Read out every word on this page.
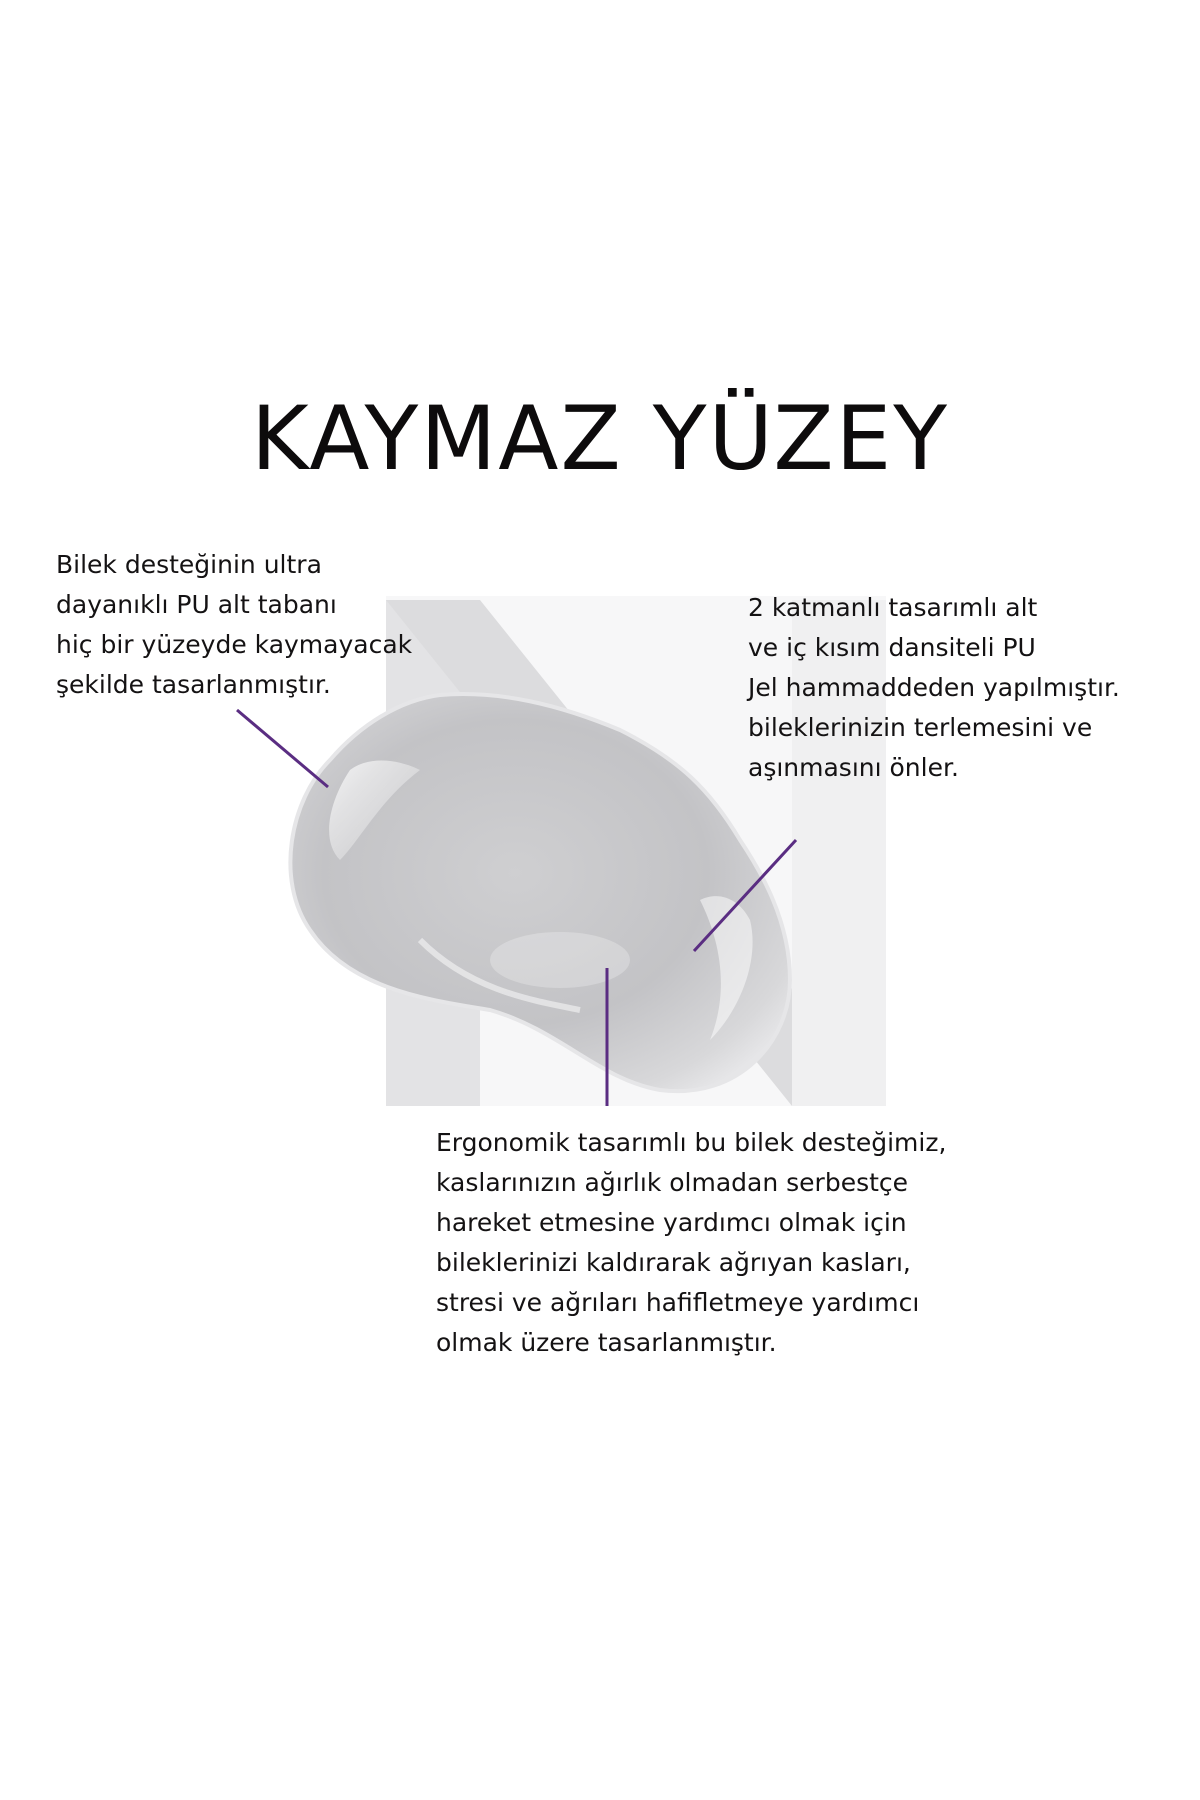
KAYMAZ YÜZEY

Bilek desteğinin ultra
dayanıklı PU alt tabanı
hiç bir yüzeyde kaymayacak
şekilde tasarlanmıştır.

2 katmanlı tasarımlı alt
ve iç kısım dansiteli PU
Jel hammaddeden yapılmıştır.
bileklerinizin terlemesini ve
aşınmasını önler.

Ergonomik tasarımlı bu bilek desteğimiz,
kaslarınızın ağırlık olmadan serbestçe
hareket etmesine yardımcı olmak için
bileklerinizi kaldırarak ağrıyan kasları,
stresi ve ağrıları hafifletmeye yardımcı
olmak üzere tasarlanmıştır.
